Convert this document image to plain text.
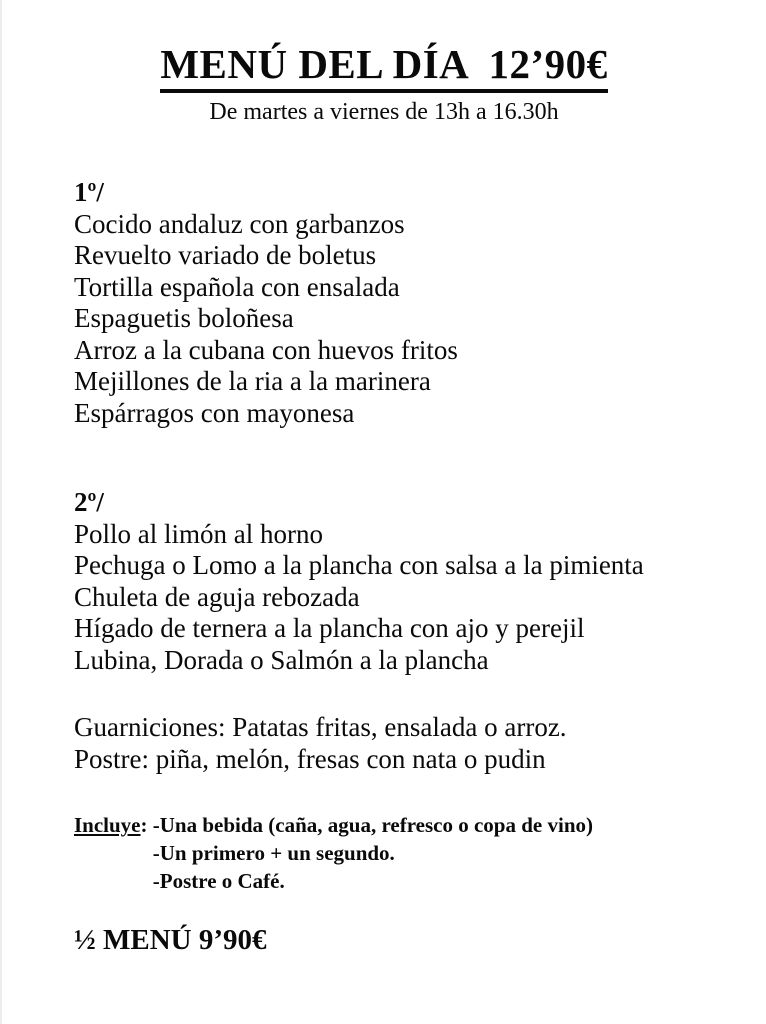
MENÚ DEL DÍA  12’90€
De martes a viernes de 13h a 16.30h
1º/
Cocido andaluz con garbanzos
Revuelto variado de boletus
Tortilla española con ensalada
Espaguetis boloñesa
Arroz a la cubana con huevos fritos
Mejillones de la ria a la marinera
Espárragos con mayonesa
2º/
Pollo al limón al horno
Pechuga o Lomo a la plancha con salsa a la pimienta
Chuleta de aguja rebozada
Hígado de ternera a la plancha con ajo y perejil
Lubina, Dorada o Salmón a la plancha
Guarniciones: Patatas fritas, ensalada o arroz.
Postre: piña, melón, fresas con nata o pudin
Incluye: -Una bebida (caña, agua, refresco o copa de vino)
-Un primero + un segundo.
-Postre o Café.
½ MENÚ 9’90€
